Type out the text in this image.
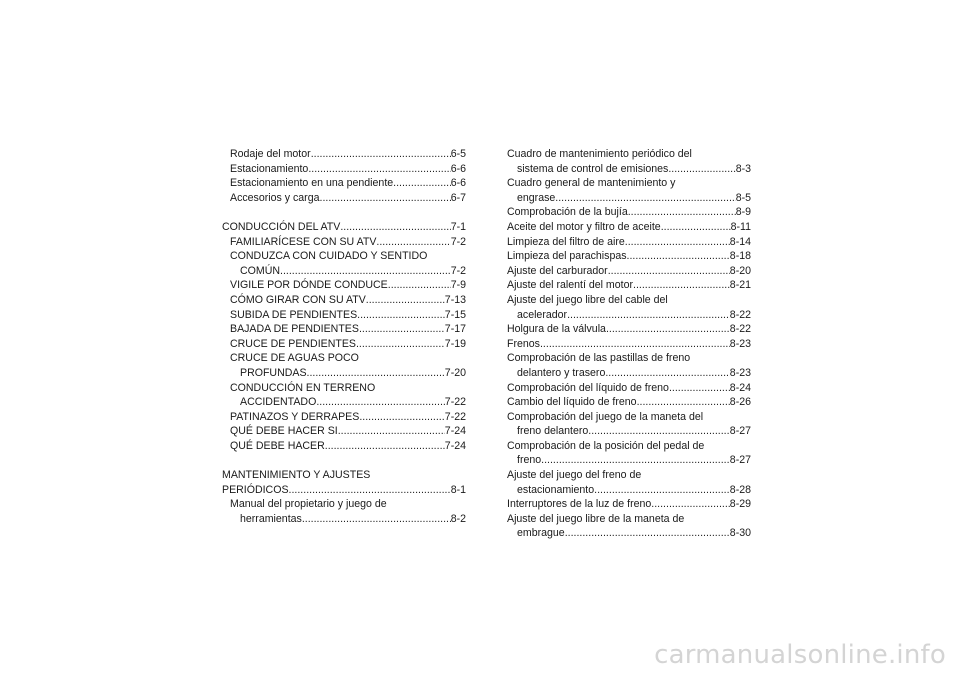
Rodaje del motor .....	6-5
Estacionamiento .....	6-6
Estacionamiento en una pendiente .....	6-6
Accesorios y carga .....	6-7
CONDUCCIÓN DEL ATV .....	7-1
FAMILIARÍCESE CON SU ATV .....	7-2
CONDUZCA CON CUIDADO Y SENTIDO
COMÚN .....	7-2
VIGILE POR DÓNDE CONDUCE .....	7-9
CÓMO GIRAR CON SU ATV .....	7-13
SUBIDA DE PENDIENTES .....	7-15
BAJADA DE PENDIENTES .....	7-17
CRUCE DE PENDIENTES .....	7-19
CRUCE DE AGUAS POCO
PROFUNDAS .....	7-20
CONDUCCIÓN EN TERRENO
ACCIDENTADO .....	7-22
PATINAZOS Y DERRAPES .....	7-22
QUÉ DEBE HACER SI .....	7-24
QUÉ DEBE HACER... .....	7-24
MANTENIMIENTO Y AJUSTES
PERIÓDICOS .....	8-1
Manual del propietario y juego de
herramientas .....	8-2
Cuadro de mantenimiento periódico del
sistema de control de emisiones .....	8-3
Cuadro general de mantenimiento y
engrase .....	8-5
Comprobación de la bujía .....	8-9
Aceite del motor y filtro de aceite .....	8-11
Limpieza del filtro de aire .....	8-14
Limpieza del parachispas .....	8-18
Ajuste del carburador .....	8-20
Ajuste del ralentí del motor .....	8-21
Ajuste del juego libre del cable del
acelerador .....	8-22
Holgura de la válvula .....	8-22
Frenos .....	8-23
Comprobación de las pastillas de freno
delantero y trasero .....	8-23
Comprobación del líquido de freno .....	8-24
Cambio del líquido de freno .....	8-26
Comprobación del juego de la maneta del
freno delantero .....	8-27
Comprobación de la posición del pedal de
freno .....	8-27
Ajuste del juego del freno de
estacionamiento .....	8-28
Interruptores de la luz de freno .....	8-29
Ajuste del juego libre de la maneta de
embrague .....	8-30
carmanualsonline.info
